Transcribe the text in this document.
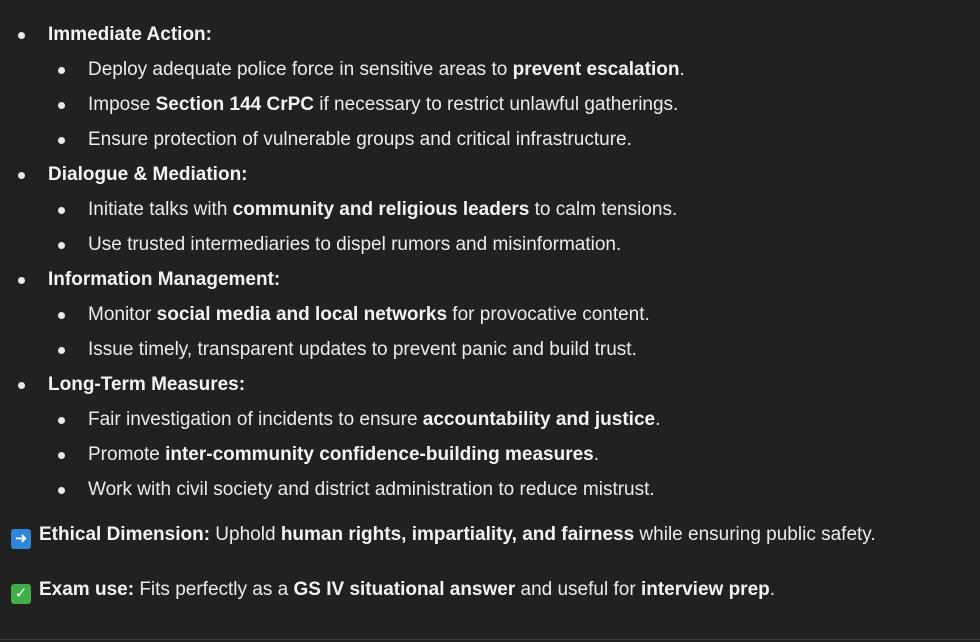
Immediate Action:
Deploy adequate police force in sensitive areas to prevent escalation.
Impose Section 144 CrPC if necessary to restrict unlawful gatherings.
Ensure protection of vulnerable groups and critical infrastructure.
Dialogue & Mediation:
Initiate talks with community and religious leaders to calm tensions.
Use trusted intermediaries to dispel rumors and misinformation.
Information Management:
Monitor social media and local networks for provocative content.
Issue timely, transparent updates to prevent panic and build trust.
Long-Term Measures:
Fair investigation of incidents to ensure accountability and justice.
Promote inter-community confidence-building measures.
Work with civil society and district administration to reduce mistrust.
➜ Ethical Dimension: Uphold human rights, impartiality, and fairness while ensuring public safety.
✓ Exam use: Fits perfectly as a GS IV situational answer and useful for interview prep.
